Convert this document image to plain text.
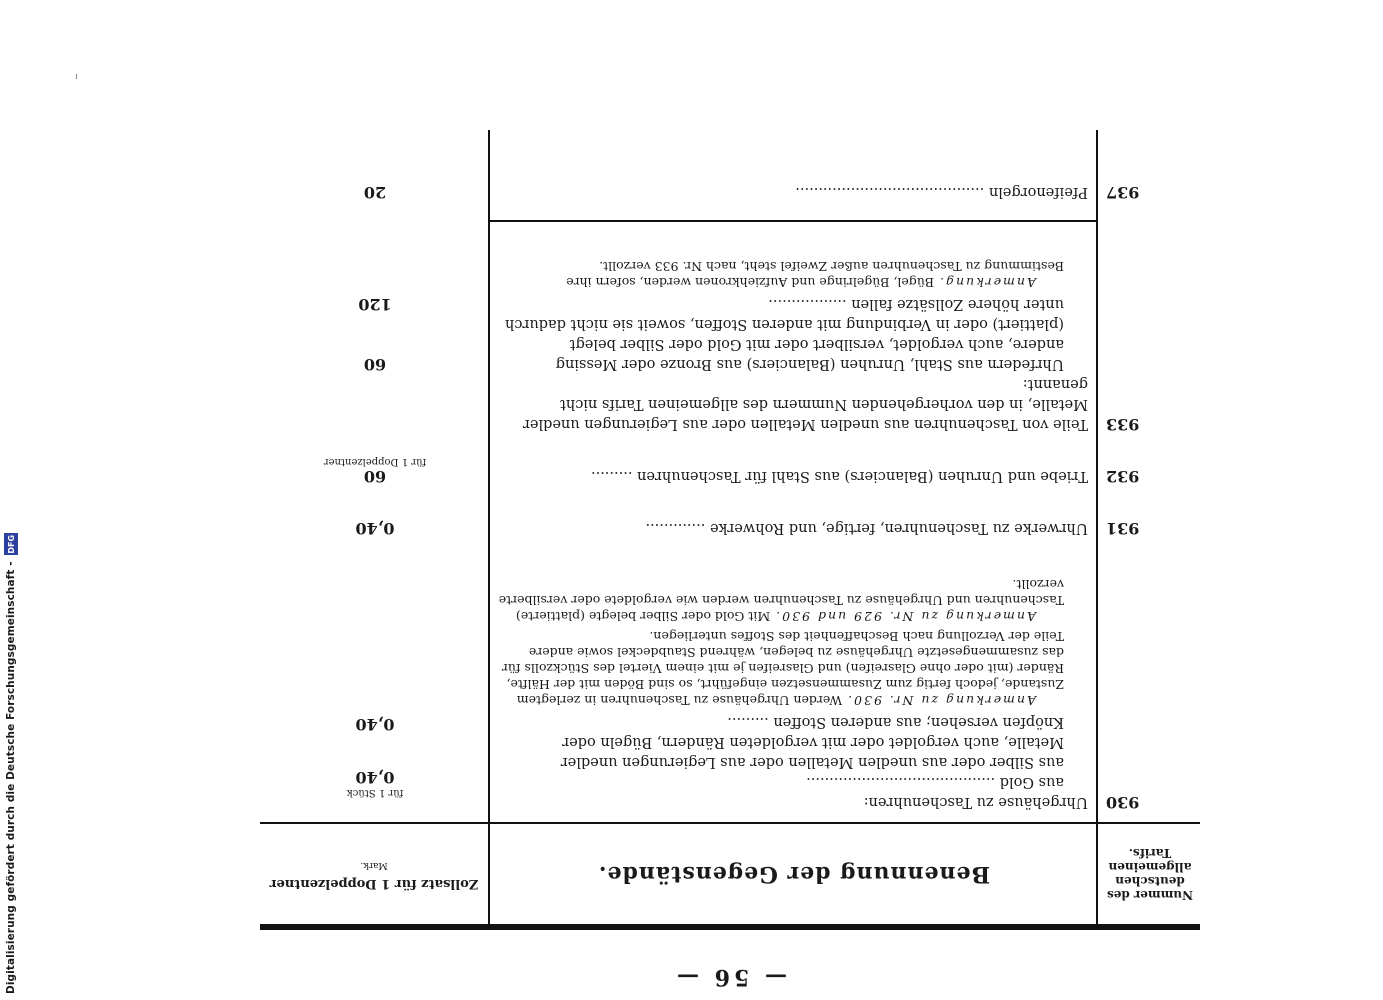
Digitalisierung gefördert durch die Deutsche Forschungsgemeinschaft -
DFG
— 56 —
Nummer des deutschen allgemeinen Tarifs.
Benennung der Gegenstände.
Zollsatz für 1 Doppelzentner
Mark.
930
Uhrgehäuse zu Taschenuhren:
aus Gold .........................................
aus Silber oder aus unedlen Metallen oder aus Legierungen unedler Metalle, auch vergoldet oder mit vergoldeten Rändern, Bügeln oder Knöpfen versehen; aus anderen Stoffen .........
Anmerkung zu Nr. 930. Werden Uhrgehäuse zu Taschenuhren in zerlegtem Zustande, jedoch fertig zum Zusammensetzen eingeführt, so sind Böden mit der Hälfte, Ränder (mit oder ohne Glasreifen) und Glasreifen je mit einem Viertel des Stückzolls für das zusammengesetzte Uhrgehäuse zu belegen, während Staubdeckel sowie andere Teile der Verzollung nach Beschaffenheit des Stoffes unterliegen.
Anmerkung zu Nr. 929 und 930. Mit Gold oder Silber belegte (plattierte) Taschenuhren und Uhrgehäuse zu Taschenuhren werden wie vergoldete oder versilberte verzollt.
für 1 Stück
0,40
0,40
931
Uhrwerke zu Taschenuhren, fertige, und Rohwerke .............
0,40
932
Triebe und Unruhen (Balanciers) aus Stahl für Taschenuhren .........
60
für 1 Doppelzentner
933
Teile von Taschenuhren aus unedlen Metallen oder aus Legierungen unedler Metalle, in den vorhergehenden Nummern des allgemeinen Tarifs nicht genannt:
Uhrfedern aus Stahl, Unruhen (Balanciers) aus Bronze oder Messing
andere, auch vergoldet, versilbert oder mit Gold oder Silber belegt (plattiert) oder in Verbindung mit anderen Stoffen, soweit sie nicht dadurch unter höhere Zollsätze fallen .................
Anmerkung. Bügel, Bügelringe und Aufziehkronen werden, sofern ihre Bestimmung zu Taschenuhren außer Zweifel steht, nach Nr. 933 verzollt.
60
120
937
Pfeifenorgeln .........................................
20
